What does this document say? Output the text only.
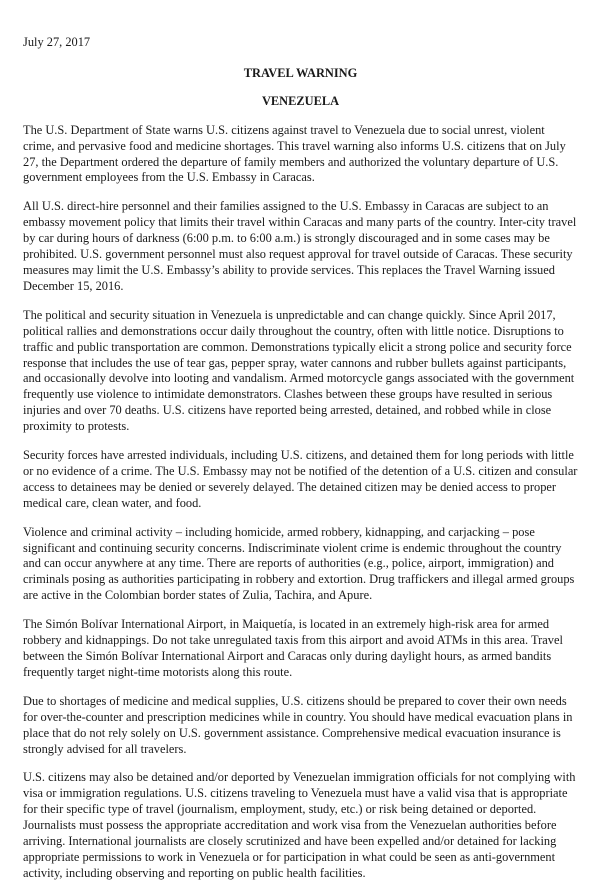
July 27, 2017

TRAVEL WARNING

VENEZUELA

The U.S. Department of State warns U.S. citizens against travel to Venezuela due to social unrest, violent crime, and pervasive food and medicine shortages. This travel warning also informs U.S. citizens that on July 27, the Department ordered the departure of family members and authorized the voluntary departure of U.S. government employees from the U.S. Embassy in Caracas.

All U.S. direct-hire personnel and their families assigned to the U.S. Embassy in Caracas are subject to an embassy movement policy that limits their travel within Caracas and many parts of the country. Inter-city travel by car during hours of darkness (6:00 p.m. to 6:00 a.m.) is strongly discouraged and in some cases may be prohibited. U.S. government personnel must also request approval for travel outside of Caracas. These security measures may limit the U.S. Embassy’s ability to provide services. This replaces the Travel Warning issued December 15, 2016.

The political and security situation in Venezuela is unpredictable and can change quickly. Since April 2017, political rallies and demonstrations occur daily throughout the country, often with little notice. Disruptions to traffic and public transportation are common. Demonstrations typically elicit a strong police and security force response that includes the use of tear gas, pepper spray, water cannons and rubber bullets against participants, and occasionally devolve into looting and vandalism. Armed motorcycle gangs associated with the government frequently use violence to intimidate demonstrators. Clashes between these groups have resulted in serious injuries and over 70 deaths. U.S. citizens have reported being arrested, detained, and robbed while in close proximity to protests.

Security forces have arrested individuals, including U.S. citizens, and detained them for long periods with little or no evidence of a crime. The U.S. Embassy may not be notified of the detention of a U.S. citizen and consular access to detainees may be denied or severely delayed. The detained citizen may be denied access to proper medical care, clean water, and food.

Violence and criminal activity – including homicide, armed robbery, kidnapping, and carjacking – pose significant and continuing security concerns. Indiscriminate violent crime is endemic throughout the country and can occur anywhere at any time. There are reports of authorities (e.g., police, airport, immigration) and criminals posing as authorities participating in robbery and extortion. Drug traffickers and illegal armed groups are active in the Colombian border states of Zulia, Tachira, and Apure.

The Simón Bolívar International Airport, in Maiquetía, is located in an extremely high-risk area for armed robbery and kidnappings. Do not take unregulated taxis from this airport and avoid ATMs in this area. Travel between the Simón Bolívar International Airport and Caracas only during daylight hours, as armed bandits frequently target night-time motorists along this route.

Due to shortages of medicine and medical supplies, U.S. citizens should be prepared to cover their own needs for over-the-counter and prescription medicines while in country. You should have medical evacuation plans in place that do not rely solely on U.S. government assistance. Comprehensive medical evacuation insurance is strongly advised for all travelers.

U.S. citizens may also be detained and/or deported by Venezuelan immigration officials for not complying with visa or immigration regulations. U.S. citizens traveling to Venezuela must have a valid visa that is appropriate for their specific type of travel (journalism, employment, study, etc.) or risk being detained or deported. Journalists must possess the appropriate accreditation and work visa from the Venezuelan authorities before arriving. International journalists are closely scrutinized and have been expelled and/or detained for lacking appropriate permissions to work in Venezuela or for participation in what could be seen as anti-government activity, including observing and reporting on public health facilities.
